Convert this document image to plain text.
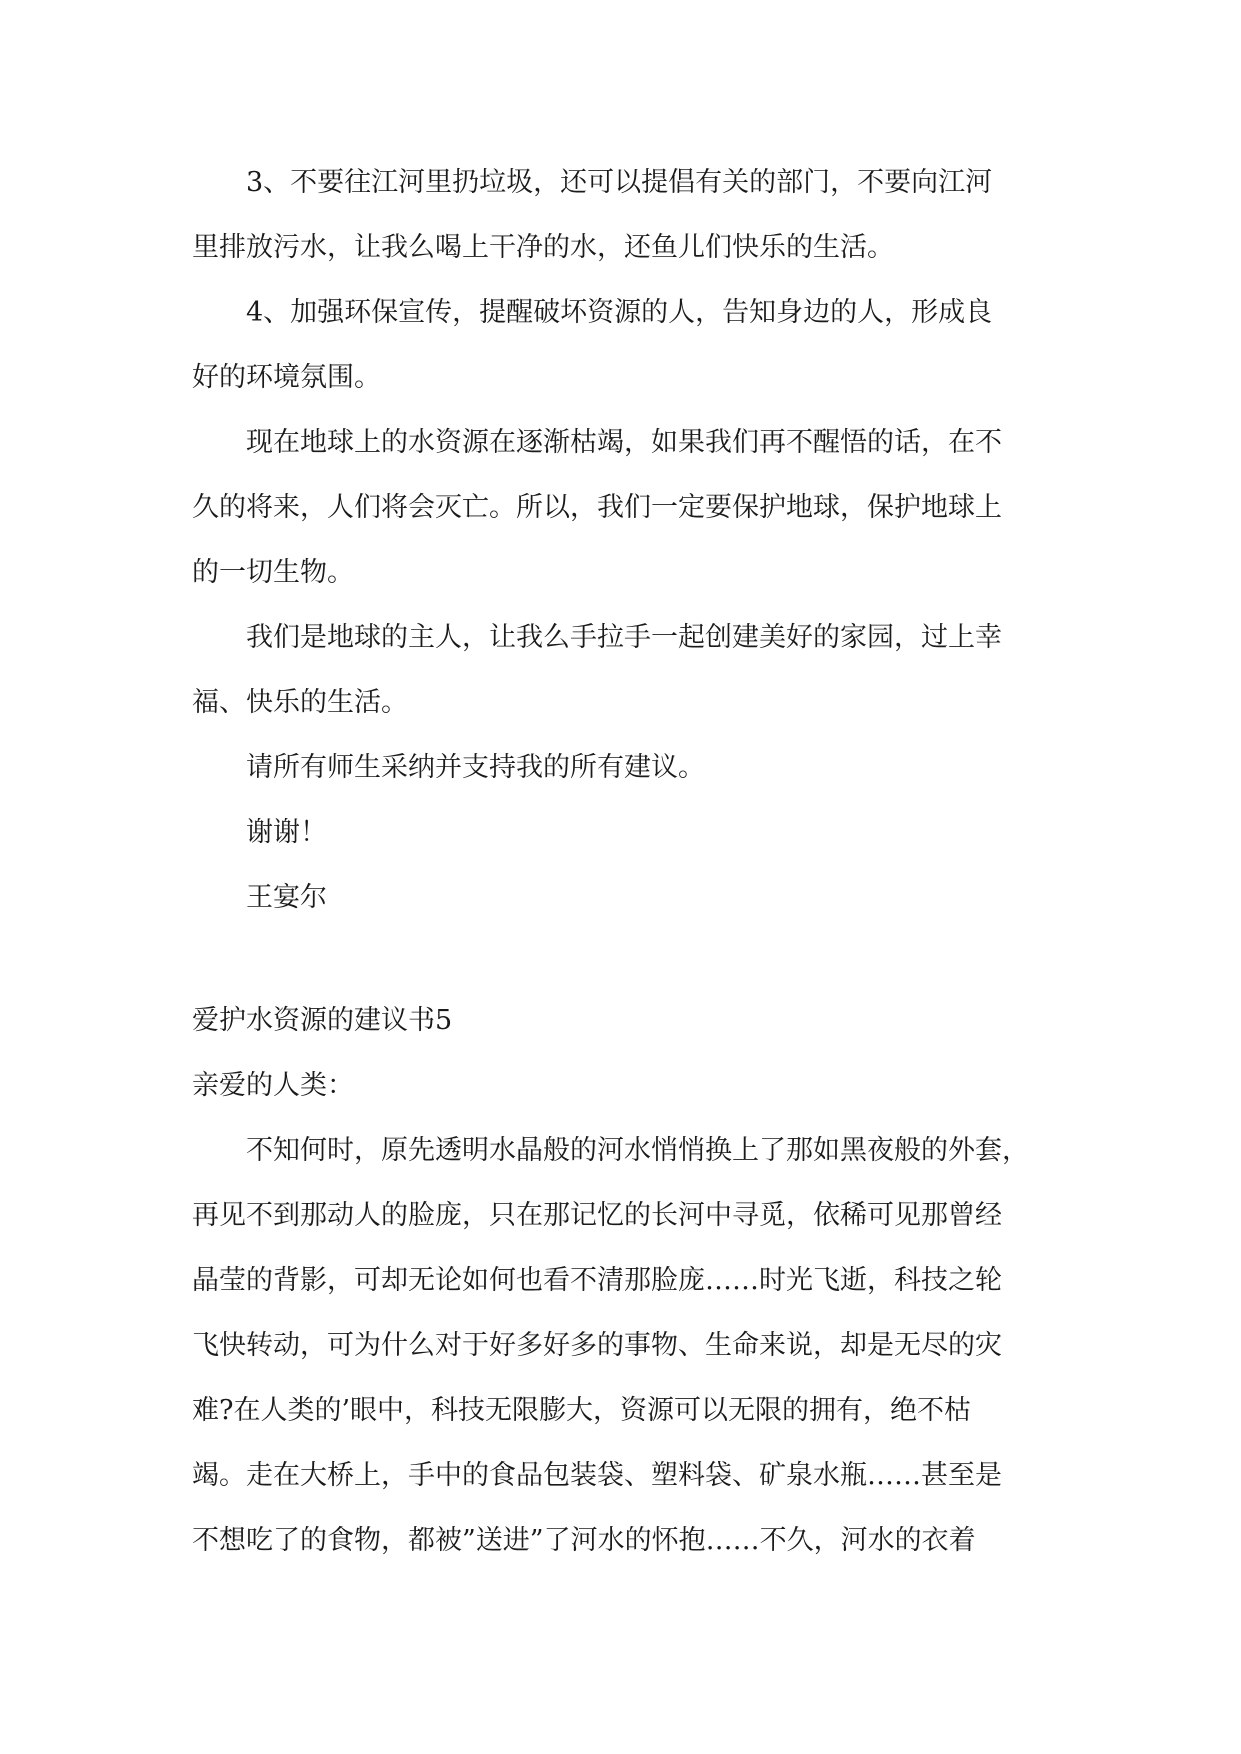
3、不要往江河里扔垃圾，还可以提倡有关的部门，不要向江河

里排放污水，让我么喝上干净的水，还鱼儿们快乐的生活。

4、加强环保宣传，提醒破坏资源的人，告知身边的人，形成良

好的环境氛围。

现在地球上的水资源在逐渐枯竭，如果我们再不醒悟的话，在不

久的将来，人们将会灭亡。所以，我们一定要保护地球，保护地球上

的一切生物。

我们是地球的主人，让我么手拉手一起创建美好的家园，过上幸

福、快乐的生活。

请所有师生采纳并支持我的所有建议。

谢谢！

王宴尔

爱护水资源的建议书5

亲爱的人类：

不知何时，原先透明水晶般的河水悄悄换上了那如黑夜般的外套，

再见不到那动人的脸庞，只在那记忆的长河中寻觅，依稀可见那曾经

晶莹的背影，可却无论如何也看不清那脸庞……时光飞逝，科技之轮

飞快转动，可为什么对于好多好多的事物、生命来说，却是无尽的灾

难?在人类的’眼中，科技无限膨大，资源可以无限的拥有，绝不枯

竭。走在大桥上，手中的食品包装袋、塑料袋、矿泉水瓶……甚至是

不想吃了的食物，都被”送进”了河水的怀抱……不久，河水的衣着
